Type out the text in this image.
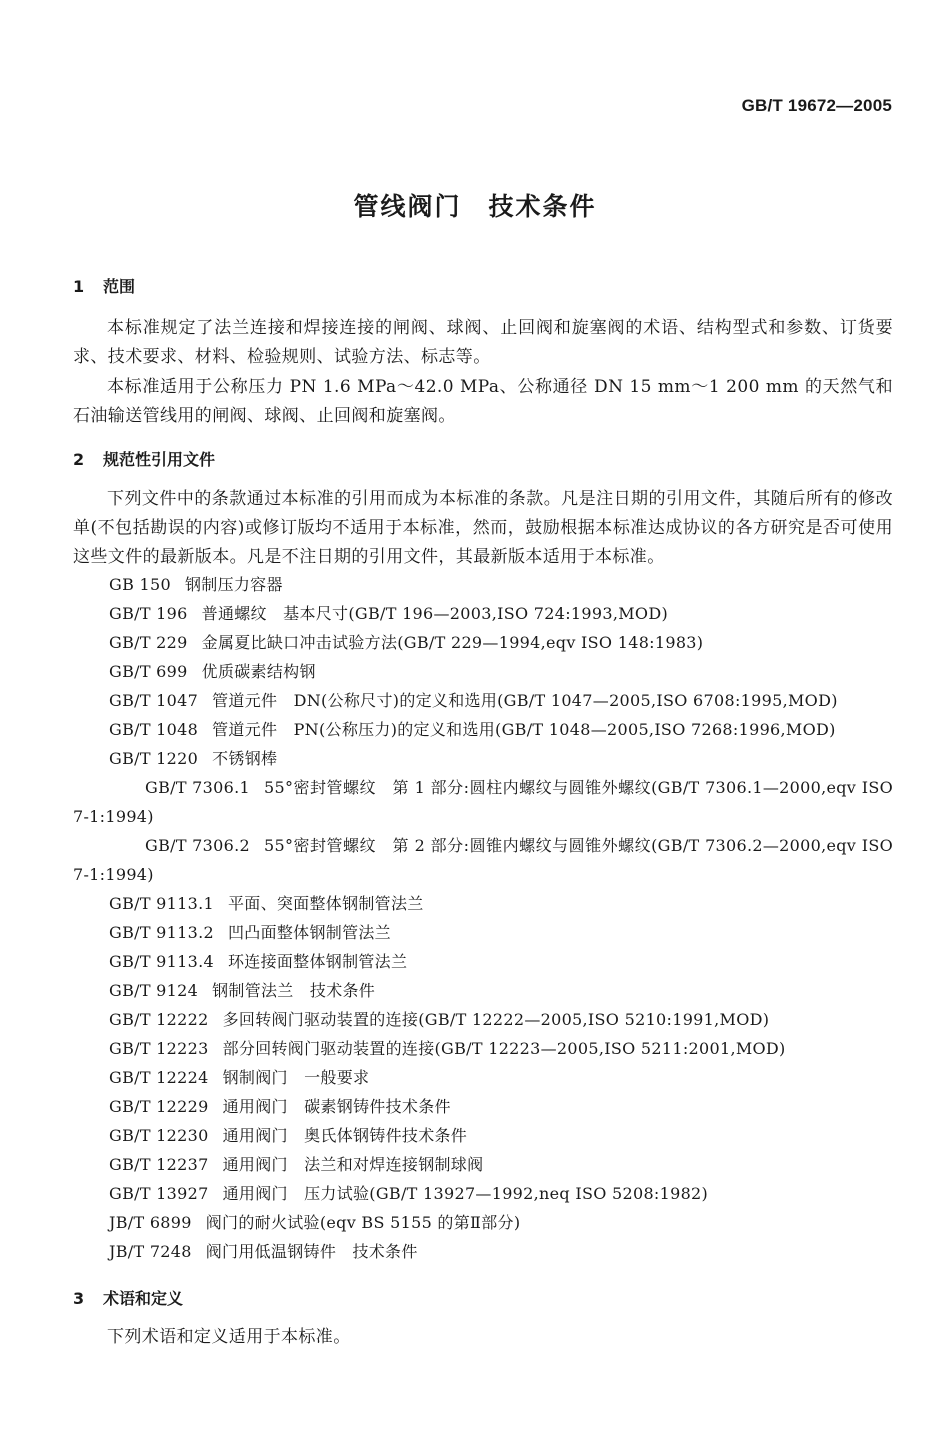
GB/T 19672—2005
管线阀门　技术条件
1 范围

本标准规定了法兰连接和焊接连接的闸阀、球阀、止回阀和旋塞阀的术语、结构型式和参数、订货要求、技术要求、材料、检验规则、试验方法、标志等。

本标准适用于公称压力 PN 1.6 MPa～42.0 MPa、公称通径 DN 15 mm～1 200 mm 的天然气和石油输送管线用的闸阀、球阀、止回阀和旋塞阀。

2 规范性引用文件

下列文件中的条款通过本标准的引用而成为本标准的条款。凡是注日期的引用文件，其随后所有的修改单(不包括勘误的内容)或修订版均不适用于本标准，然而，鼓励根据本标准达成协议的各方研究是否可使用这些文件的最新版本。凡是不注日期的引用文件，其最新版本适用于本标准。

GB 150 钢制压力容器
GB/T 196 普通螺纹　基本尺寸(GB/T 196—2003,ISO 724:1993,MOD)
GB/T 229 金属夏比缺口冲击试验方法(GB/T 229—1994,eqv ISO 148:1983)
GB/T 699 优质碳素结构钢
GB/T 1047 管道元件　DN(公称尺寸)的定义和选用(GB/T 1047—2005,ISO 6708:1995,MOD)
GB/T 1048 管道元件　PN(公称压力)的定义和选用(GB/T 1048—2005,ISO 7268:1996,MOD)
GB/T 1220 不锈钢棒
GB/T 7306.1 55°密封管螺纹　第 1 部分:圆柱内螺纹与圆锥外螺纹(GB/T 7306.1—2000,eqv ISO 7-1:1994)
GB/T 7306.2 55°密封管螺纹　第 2 部分:圆锥内螺纹与圆锥外螺纹(GB/T 7306.2—2000,eqv ISO 7-1:1994)
GB/T 9113.1 平面、突面整体钢制管法兰
GB/T 9113.2 凹凸面整体钢制管法兰
GB/T 9113.4 环连接面整体钢制管法兰
GB/T 9124 钢制管法兰　技术条件
GB/T 12222 多回转阀门驱动装置的连接(GB/T 12222—2005,ISO 5210:1991,MOD)
GB/T 12223 部分回转阀门驱动装置的连接(GB/T 12223—2005,ISO 5211:2001,MOD)
GB/T 12224 钢制阀门　一般要求
GB/T 12229 通用阀门　碳素钢铸件技术条件
GB/T 12230 通用阀门　奥氏体钢铸件技术条件
GB/T 12237 通用阀门　法兰和对焊连接钢制球阀
GB/T 13927 通用阀门　压力试验(GB/T 13927—1992,neq ISO 5208:1982)
JB/T 6899 阀门的耐火试验(eqv BS 5155 的第Ⅱ部分)
JB/T 7248 阀门用低温钢铸件　技术条件
3 术语和定义

下列术语和定义适用于本标准。
